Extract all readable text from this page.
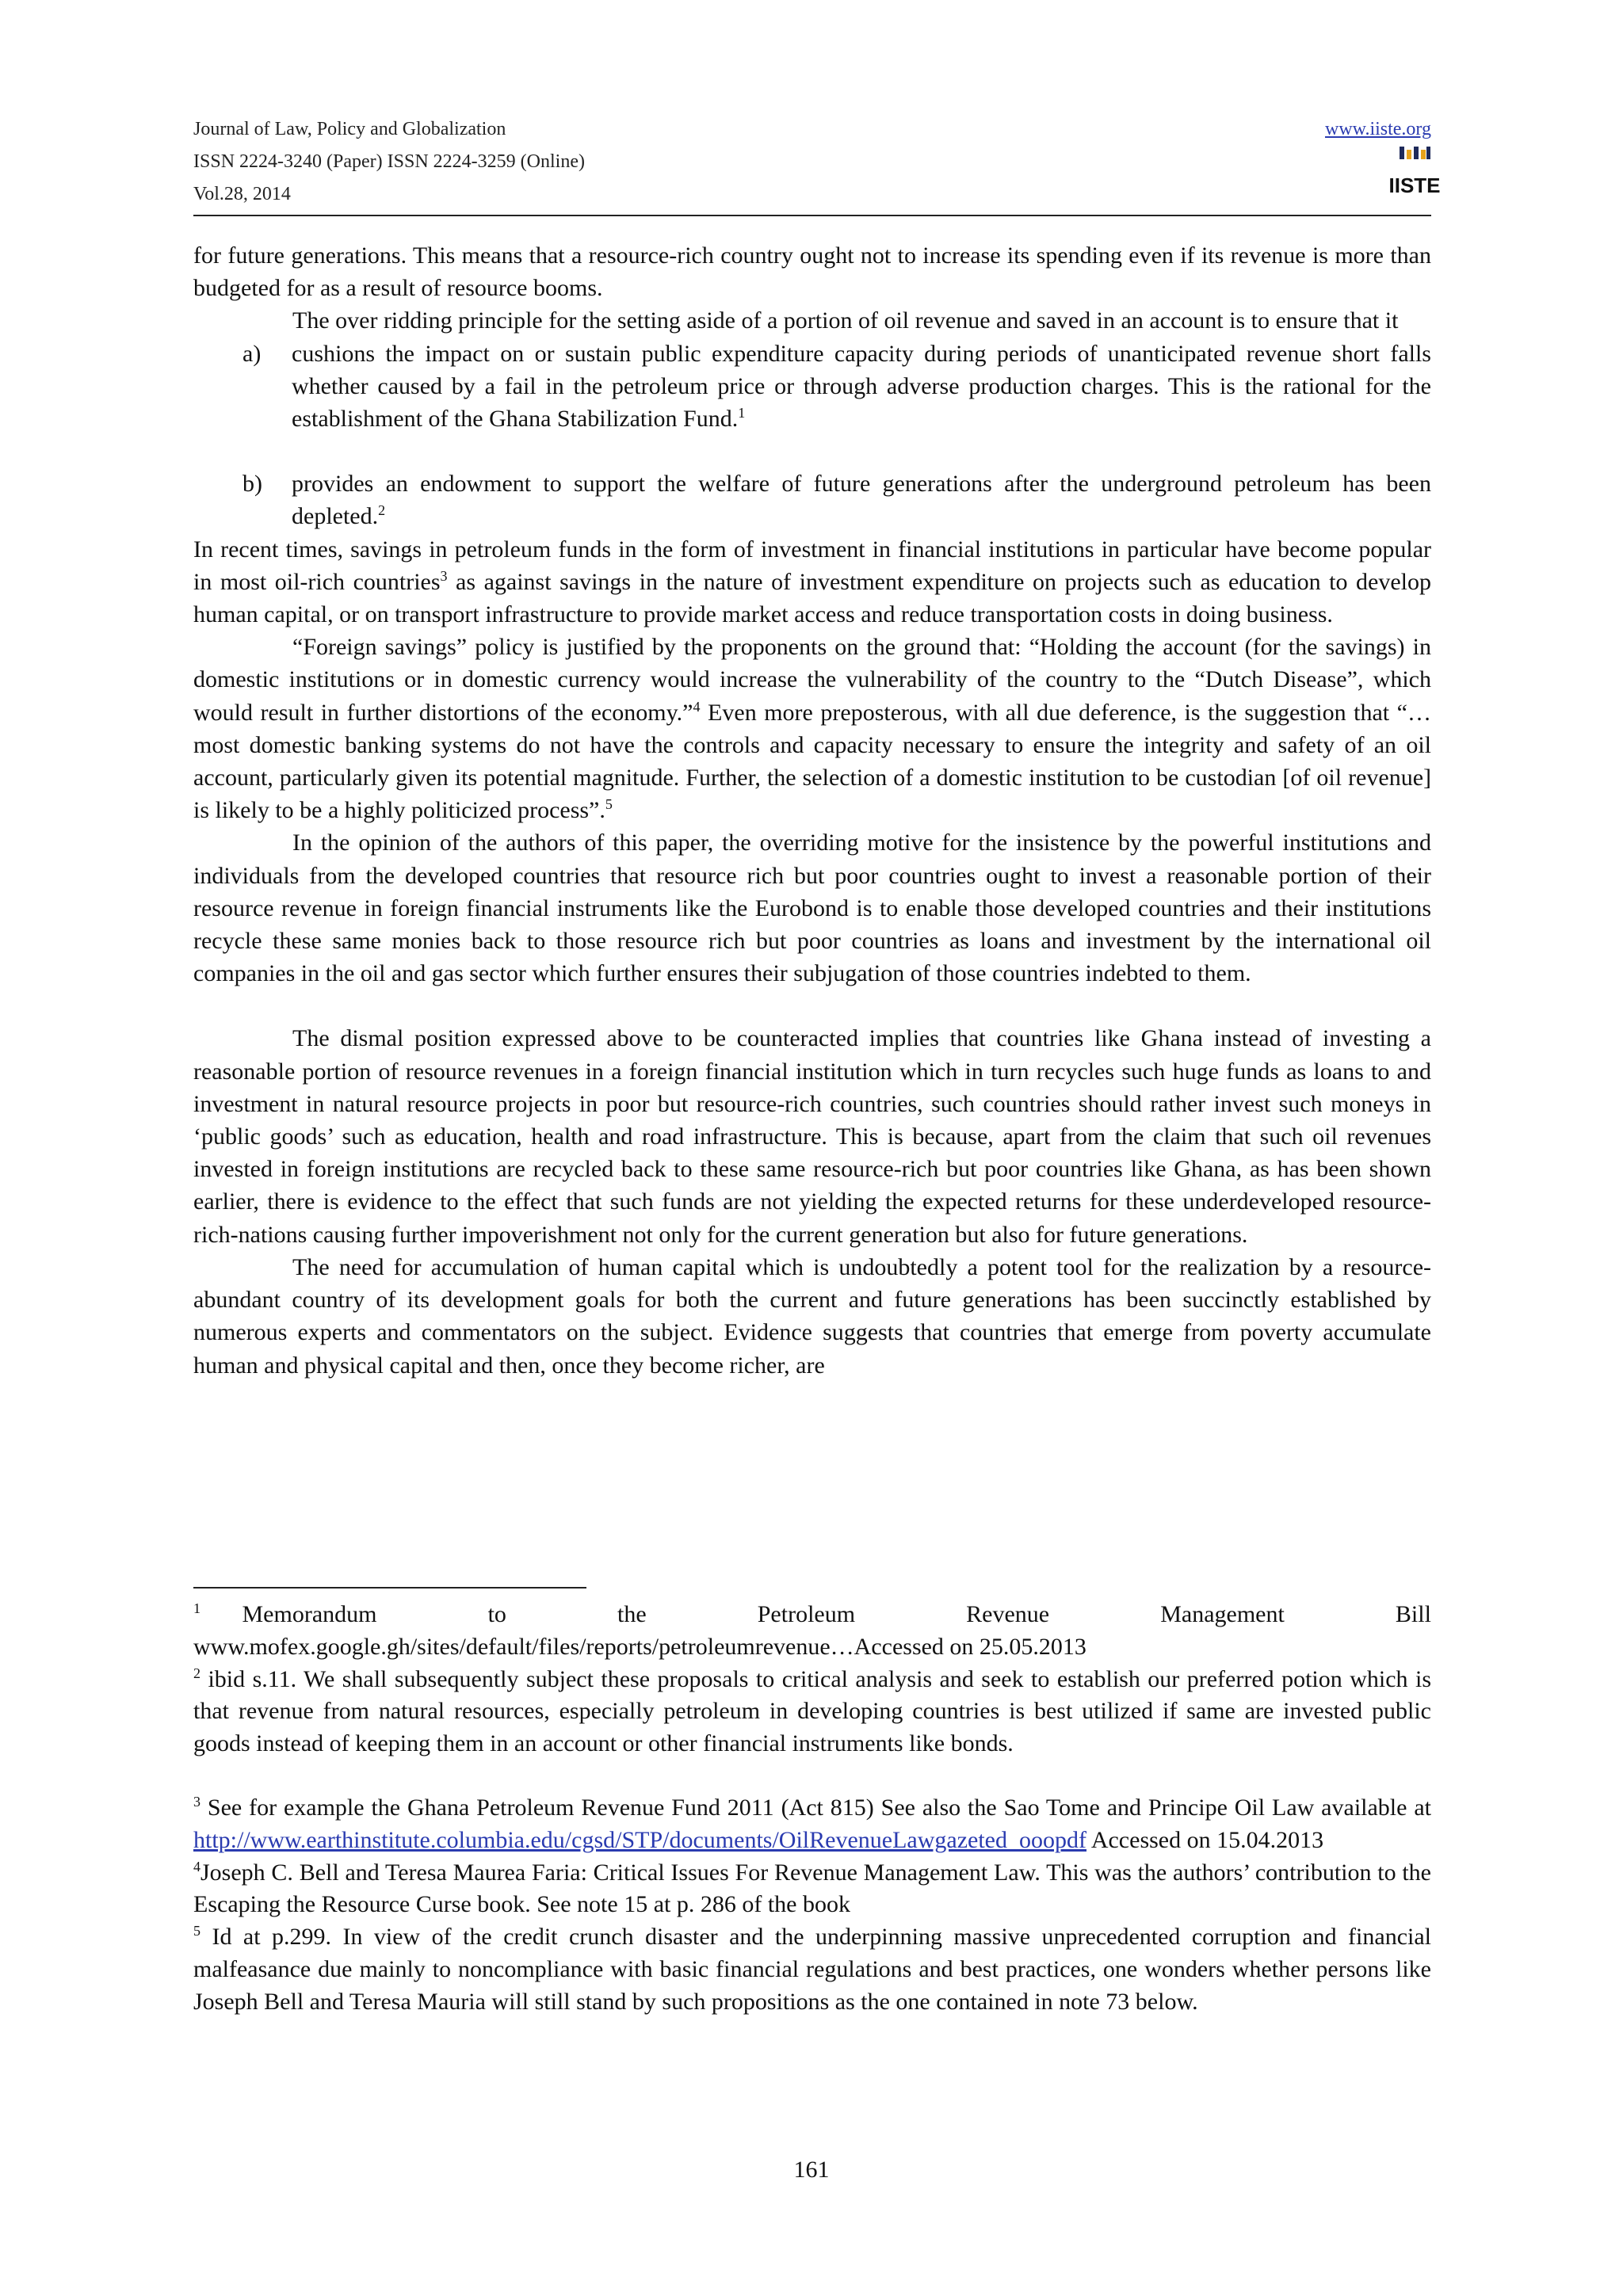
Journal of Law, Policy and Globalization
ISSN 2224-3240 (Paper) ISSN 2224-3259 (Online)
Vol.28, 2014
www.iiste.org
IISTE

for future generations. This means that a resource-rich country ought not to increase its spending even if its revenue is more than budgeted for as a result of resource booms.

The over ridding principle for the setting aside of a portion of oil revenue and saved in an account is to ensure that it

a)	cushions the impact on or sustain public expenditure capacity during periods of unanticipated revenue short falls whether caused by a fail in the petroleum price or through adverse production charges. This is the rational for the establishment of the Ghana Stabilization Fund.$^1$
b)	provides an endowment to support the welfare of future generations after the underground petroleum has been depleted.$^2$

In recent times, savings in petroleum funds in the form of investment in financial institutions in particular have become popular in most oil-rich countries$^3$ as against savings in the nature of investment expenditure on projects such as education to develop human capital, or on transport infrastructure to provide market access and reduce transportation costs in doing business.

“Foreign savings” policy is justified by the proponents on the ground that: “Holding the account (for the savings) in domestic institutions or in domestic currency would increase the vulnerability of the country to the “Dutch Disease”, which would result in further distortions of the economy.”$^4$ Even more preposterous, with all due deference, is the suggestion that “…most domestic banking systems do not have the controls and capacity necessary to ensure the integrity and safety of an oil account, particularly given its potential magnitude. Further, the selection of a domestic institution to be custodian [of oil revenue] is likely to be a highly politicized process”.$^5$

In the opinion of the authors of this paper, the overriding motive for the insistence by the powerful institutions and individuals from the developed countries that resource rich but poor countries ought to invest a reasonable portion of their resource revenue in foreign financial instruments like the Eurobond is to enable those developed countries and their institutions recycle these same monies back to those resource rich but poor countries as loans and investment by the international oil companies in the oil and gas sector which further ensures their subjugation of those countries indebted to them.

The dismal position expressed above to be counteracted implies that countries like Ghana instead of investing a reasonable portion of resource revenues in a foreign financial institution which in turn recycles such huge funds as loans to and investment in natural resource projects in poor but resource-rich countries, such countries should rather invest such moneys in ‘public goods’ such as education, health and road infrastructure. This is because, apart from the claim that such oil revenues invested in foreign institutions are recycled back to these same resource-rich but poor countries like Ghana, as has been shown earlier, there is evidence to the effect that such funds are not yielding the expected returns for these underdeveloped resource-rich-nations causing further impoverishment not only for the current generation but also for future generations.

The need for accumulation of human capital which is undoubtedly a potent tool for the realization by a resource-abundant country of its development goals for both the current and future generations has been succinctly established by numerous experts and commentators on the subject. Evidence suggests that countries that emerge from poverty accumulate human and physical capital and then, once they become richer, are

$^1$ Memorandum	to	the	Petroleum	Revenue	Management	Bill

www.mofex.google.gh/sites/default/files/reports/petroleumrevenue…Accessed on 25.05.2013

$^2$ ibid s.11. We shall subsequently subject these proposals to critical analysis and seek to establish our preferred potion which is that revenue from natural resources, especially petroleum in developing countries is best utilized if same are invested public goods instead of keeping them in an account or other financial instruments like bonds.

$^3$ See for example the Ghana Petroleum Revenue Fund 2011 (Act 815) See also the Sao Tome and Principe Oil Law available at http://www.earthinstitute.columbia.edu/cgsd/STP/documents/OilRevenueLawgazeted_ooopdf Accessed on 15.04.2013

$^4$Joseph C. Bell and Teresa Maurea Faria: Critical Issues For Revenue Management Law. This was the authors’ contribution to the Escaping the Resource Curse book. See note 15 at p. 286 of the book

$^5$ Id at p.299. In view of the credit crunch disaster and the underpinning massive unprecedented corruption and financial malfeasance due mainly to noncompliance with basic financial regulations and best practices, one wonders whether persons like Joseph Bell and Teresa Mauria will still stand by such propositions as the one contained in note 73 below.

161
